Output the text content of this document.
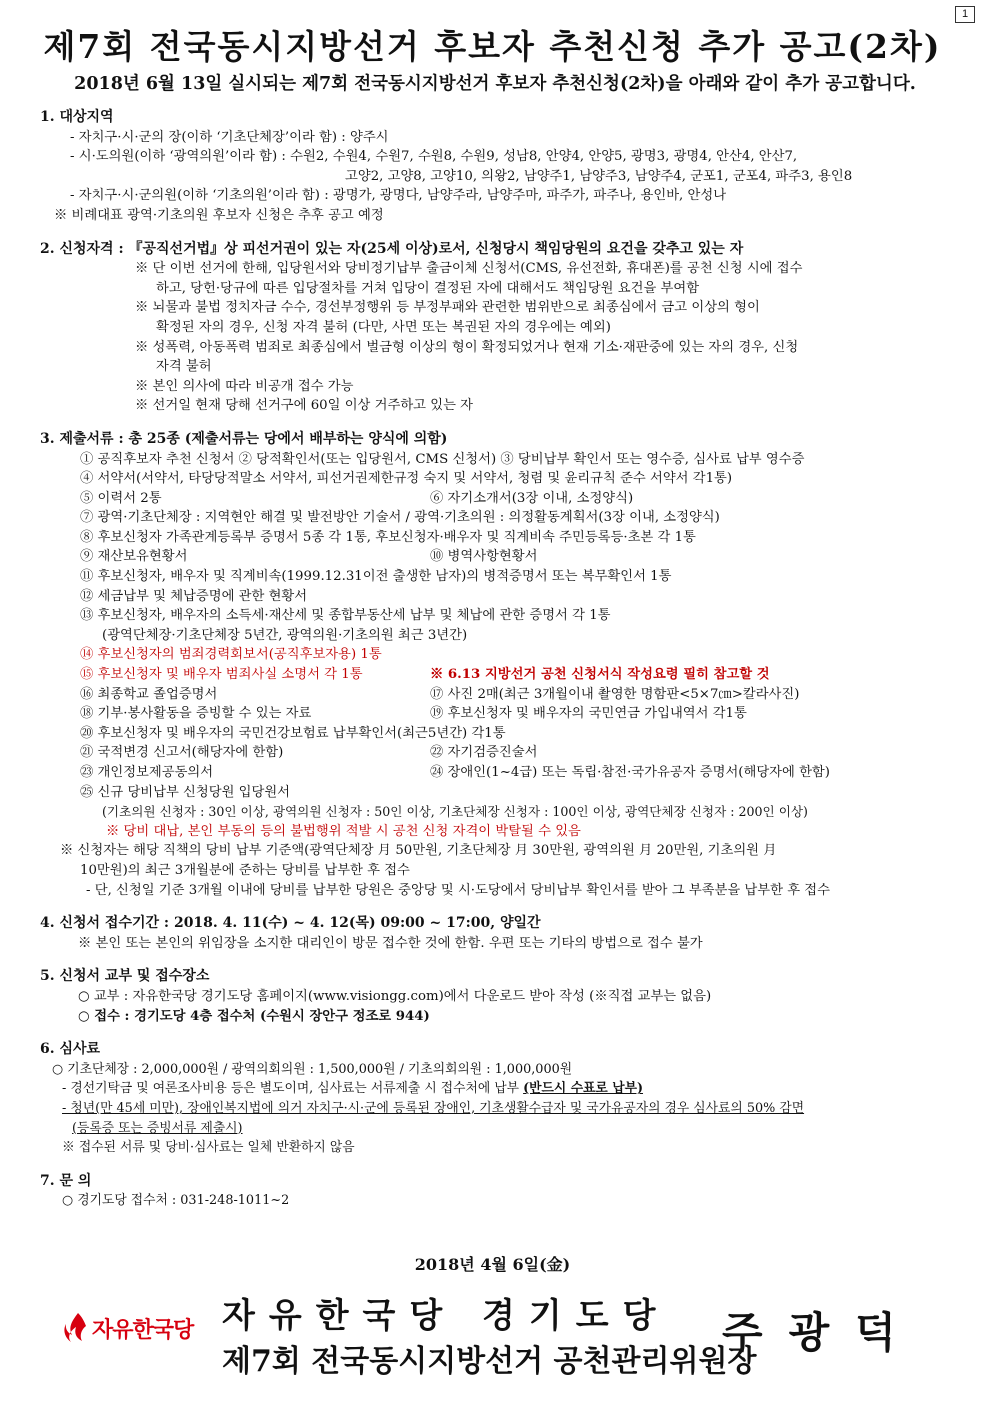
1
제7회 전국동시지방선거 후보자 추천신청 추가 공고(2차)
2018년 6월 13일 실시되는 제7회 전국동시지방선거 후보자 추천신청(2차)을 아래와 같이 추가 공고합니다.
1. 대상지역
- 자치구·시·군의 장(이하 ‘기초단체장’이라 함) : 양주시
- 시·도의원(이하 ‘광역의원’이라 함) : 수원2, 수원4, 수원7, 수원8, 수원9, 성남8, 안양4, 안양5, 광명3, 광명4, 안산4, 안산7,
고양2, 고양8, 고양10, 의왕2, 남양주1, 남양주3, 남양주4, 군포1, 군포4, 파주3, 용인8
- 자치구·시·군의원(이하 ‘기초의원’이라 함) : 광명가, 광명다, 남양주라, 남양주마, 파주가, 파주나, 용인바, 안성나
※ 비례대표 광역·기초의원 후보자 신청은 추후 공고 예정
2. 신청자격 : 『공직선거법』상 피선거권이 있는 자(25세 이상)로서, 신청당시 책임당원의 요건을 갖추고 있는 자
※ 단 이번 선거에 한해, 입당원서와 당비정기납부 출금이체 신청서(CMS, 유선전화, 휴대폰)를 공천 신청 시에 접수
하고, 당헌·당규에 따른 입당절차를 거쳐 입당이 결정된 자에 대해서도 책임당원 요건을 부여함
※ 뇌물과 불법 정치자금 수수, 경선부정행위 등 부정부패와 관련한 범위반으로 최종심에서 금고 이상의 형이
확정된 자의 경우, 신청 자격 불허 (다만, 사면 또는 복권된 자의 경우에는 예외)
※ 성폭력, 아동폭력 범죄로 최종심에서 벌금형 이상의 형이 확정되었거나 현재 기소·재판중에 있는 자의 경우, 신청
자격 불허
※ 본인 의사에 따라 비공개 접수 가능
※ 선거일 현재 당해 선거구에 60일 이상 거주하고 있는 자
3. 제출서류 : 총 25종 (제출서류는 당에서 배부하는 양식에 의함)
① 공직후보자 추천 신청서 ② 당적확인서(또는 입당원서, CMS 신청서) ③ 당비납부 확인서 또는 영수증, 심사료 납부 영수증
④ 서약서(서약서, 타당당적말소 서약서, 피선거권제한규정 숙지 및 서약서, 청렴 및 윤리규칙 준수 서약서 각1통)
⑤ 이력서 2통	⑥ 자기소개서(3장 이내, 소정양식)
⑦ 광역·기초단체장 : 지역현안 해결 및 발전방안 기술서 / 광역·기초의원 : 의정활동계획서(3장 이내, 소정양식)
⑧ 후보신청자 가족관계등록부 증명서 5종 각 1통, 후보신청자·배우자 및 직계비속 주민등록등·초본 각 1통
⑨ 재산보유현황서	⑩ 병역사항현황서
⑪ 후보신청자, 배우자 및 직계비속(1999.12.31이전 출생한 남자)의 병적증명서 또는 복무확인서 1통
⑫ 세금납부 및 체납증명에 관한 현황서
⑬ 후보신청자, 배우자의 소득세·재산세 및 종합부동산세 납부 및 체납에 관한 증명서 각 1통
(광역단체장·기초단체장 5년간, 광역의원·기초의원 최근 3년간)
⑭ 후보신청자의 범죄경력회보서(공직후보자용) 1통
⑮ 후보신청자 및 배우자 범죄사실 소명서 각 1통	※ 6.13 지방선거 공천 신청서식 작성요령 필히 참고할 것
⑯ 최종학교 졸업증명서	⑰ 사진 2매(최근 3개월이내 촬영한 명함판<5×7㎝>칼라사진)
⑱ 기부·봉사활동을 증빙할 수 있는 자료	⑲ 후보신청자 및 배우자의 국민연금 가입내역서 각1통
⑳ 후보신청자 및 배우자의 국민건강보험료 납부확인서(최근5년간) 각1통
㉑ 국적변경 신고서(해당자에 한함)	㉒ 자기검증진술서
㉓ 개인정보제공동의서	㉔ 장애인(1~4급) 또는 독립·참전·국가유공자 증명서(해당자에 한함)
㉕ 신규 당비납부 신청당원 입당원서
(기초의원 신청자 : 30인 이상, 광역의원 신청자 : 50인 이상, 기초단체장 신청자 : 100인 이상, 광역단체장 신청자 : 200인 이상)
※ 당비 대납, 본인 부동의 등의 불법행위 적발 시 공천 신청 자격이 박탈될 수 있음
※ 신청자는 해당 직책의 당비 납부 기준액(광역단체장 月 50만원, 기초단체장 月 30만원, 광역의원 月 20만원, 기초의원 月
10만원)의 최근 3개월분에 준하는 당비를 납부한 후 접수
- 단, 신청일 기준 3개월 이내에 당비를 납부한 당원은 중앙당 및 시·도당에서 당비납부 확인서를 받아 그 부족분을 납부한 후 접수
4. 신청서 접수기간 : 2018. 4. 11(수) ~ 4. 12(목) 09:00 ~ 17:00, 양일간
※ 본인 또는 본인의 위임장을 소지한 대리인이 방문 접수한 것에 한함. 우편 또는 기타의 방법으로 접수 불가
5. 신청서 교부 및 접수장소
○ 교부 : 자유한국당 경기도당 홈페이지(www.visiongg.com)에서 다운로드 받아 작성 (※직접 교부는 없음)
○ 접수 : 경기도당 4층 접수처 (수원시 장안구 정조로 944)
6. 심사료
○ 기초단체장 : 2,000,000원 / 광역의회의원 : 1,500,000원 / 기초의회의원 : 1,000,000원
- 경선기탁금 및 여론조사비용 등은 별도이며, 심사료는 서류제출 시 접수처에 납부 (반드시 수표로 납부)
- 청년(만 45세 미만), 장애인복지법에 의거 자치구·시·군에 등록된 장애인, 기초생활수급자 및 국가유공자의 경우 심사료의 50% 감면
(등록증 또는 증빙서류 제출시)
※ 접수된 서류 및 당비·심사료는 일체 반환하지 않음
7. 문 의
○ 경기도당 접수처 : 031-248-1011~2
2018년 4월 6일(金)
자유한국당 자유한국당 경기도당
제7회 전국동시지방선거 공천관리위원장
주광덕
